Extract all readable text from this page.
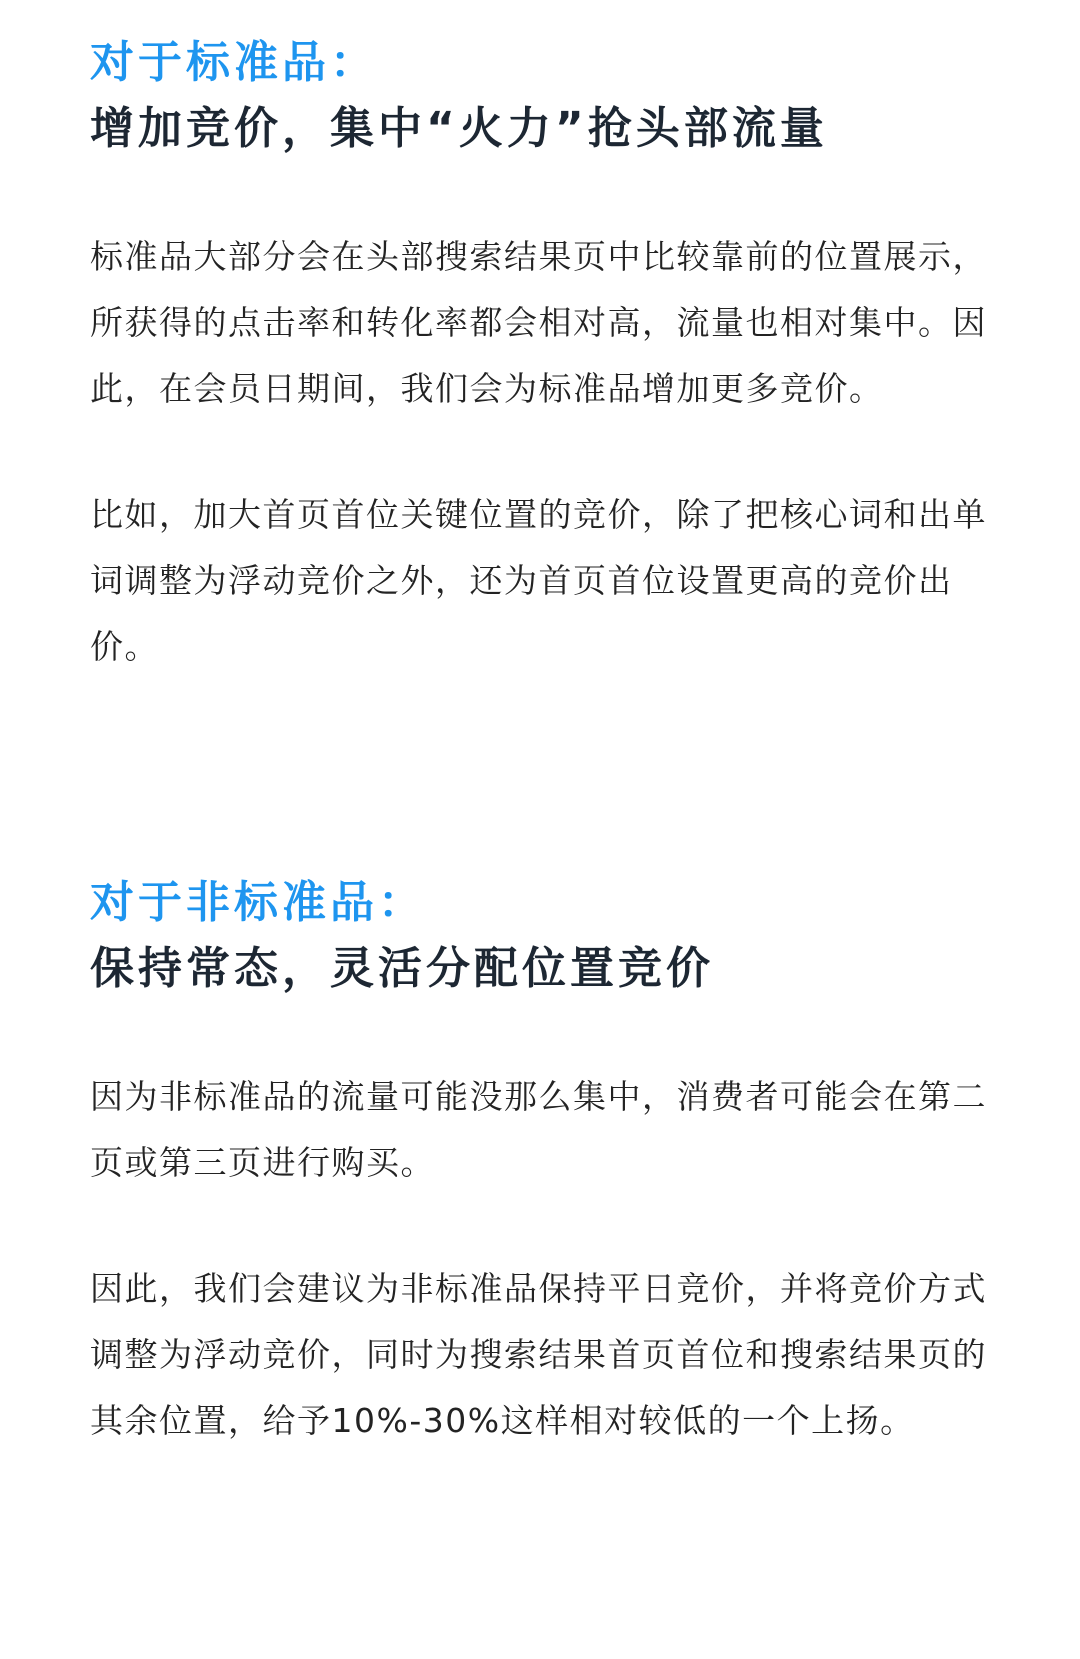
对于标准品：
增加竞价，集中“火力”抢头部流量

标准品大部分会在头部搜索结果页中比较靠前的位置展示，所获得的点击率和转化率都会相对高，流量也相对集中。因此，在会员日期间，我们会为标准品增加更多竞价。

比如，加大首页首位关键位置的竞价，除了把核心词和出单词调整为浮动竞价之外，还为首页首位设置更高的竞价出价。

对于非标准品：
保持常态，灵活分配位置竞价

因为非标准品的流量可能没那么集中，消费者可能会在第二页或第三页进行购买。

因此，我们会建议为非标准品保持平日竞价，并将竞价方式调整为浮动竞价，同时为搜索结果首页首位和搜索结果页的其余位置，给予10%-30%这样相对较低的一个上扬。
